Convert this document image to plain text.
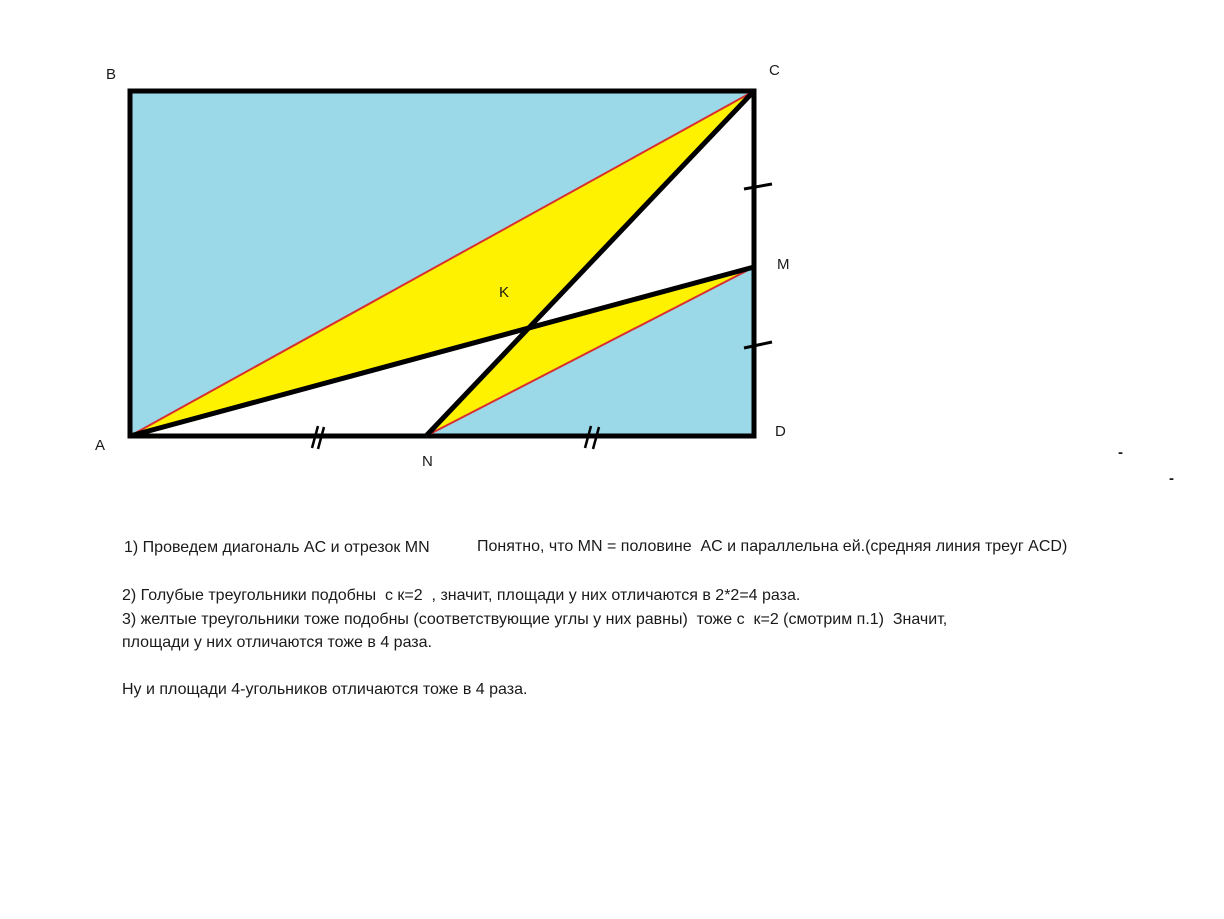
B	C
M
K
D
A
N
-
-
1) Проведем диагональ AC и отрезок MN	Понятно, что MN = половине  AC и параллельна ей.(средняя линия треуг ACD)
2) Голубые треугольники подобны  с к=2  , значит, площади у них отличаются в 2*2=4 раза.
3) желтые треугольники тоже подобны (соответствующие углы у них равны)  тоже с  к=2 (смотрим п.1)  Значит,
площади у них отличаются тоже в 4 раза.
Ну и площади 4-угольников отличаются тоже в 4 раза.
